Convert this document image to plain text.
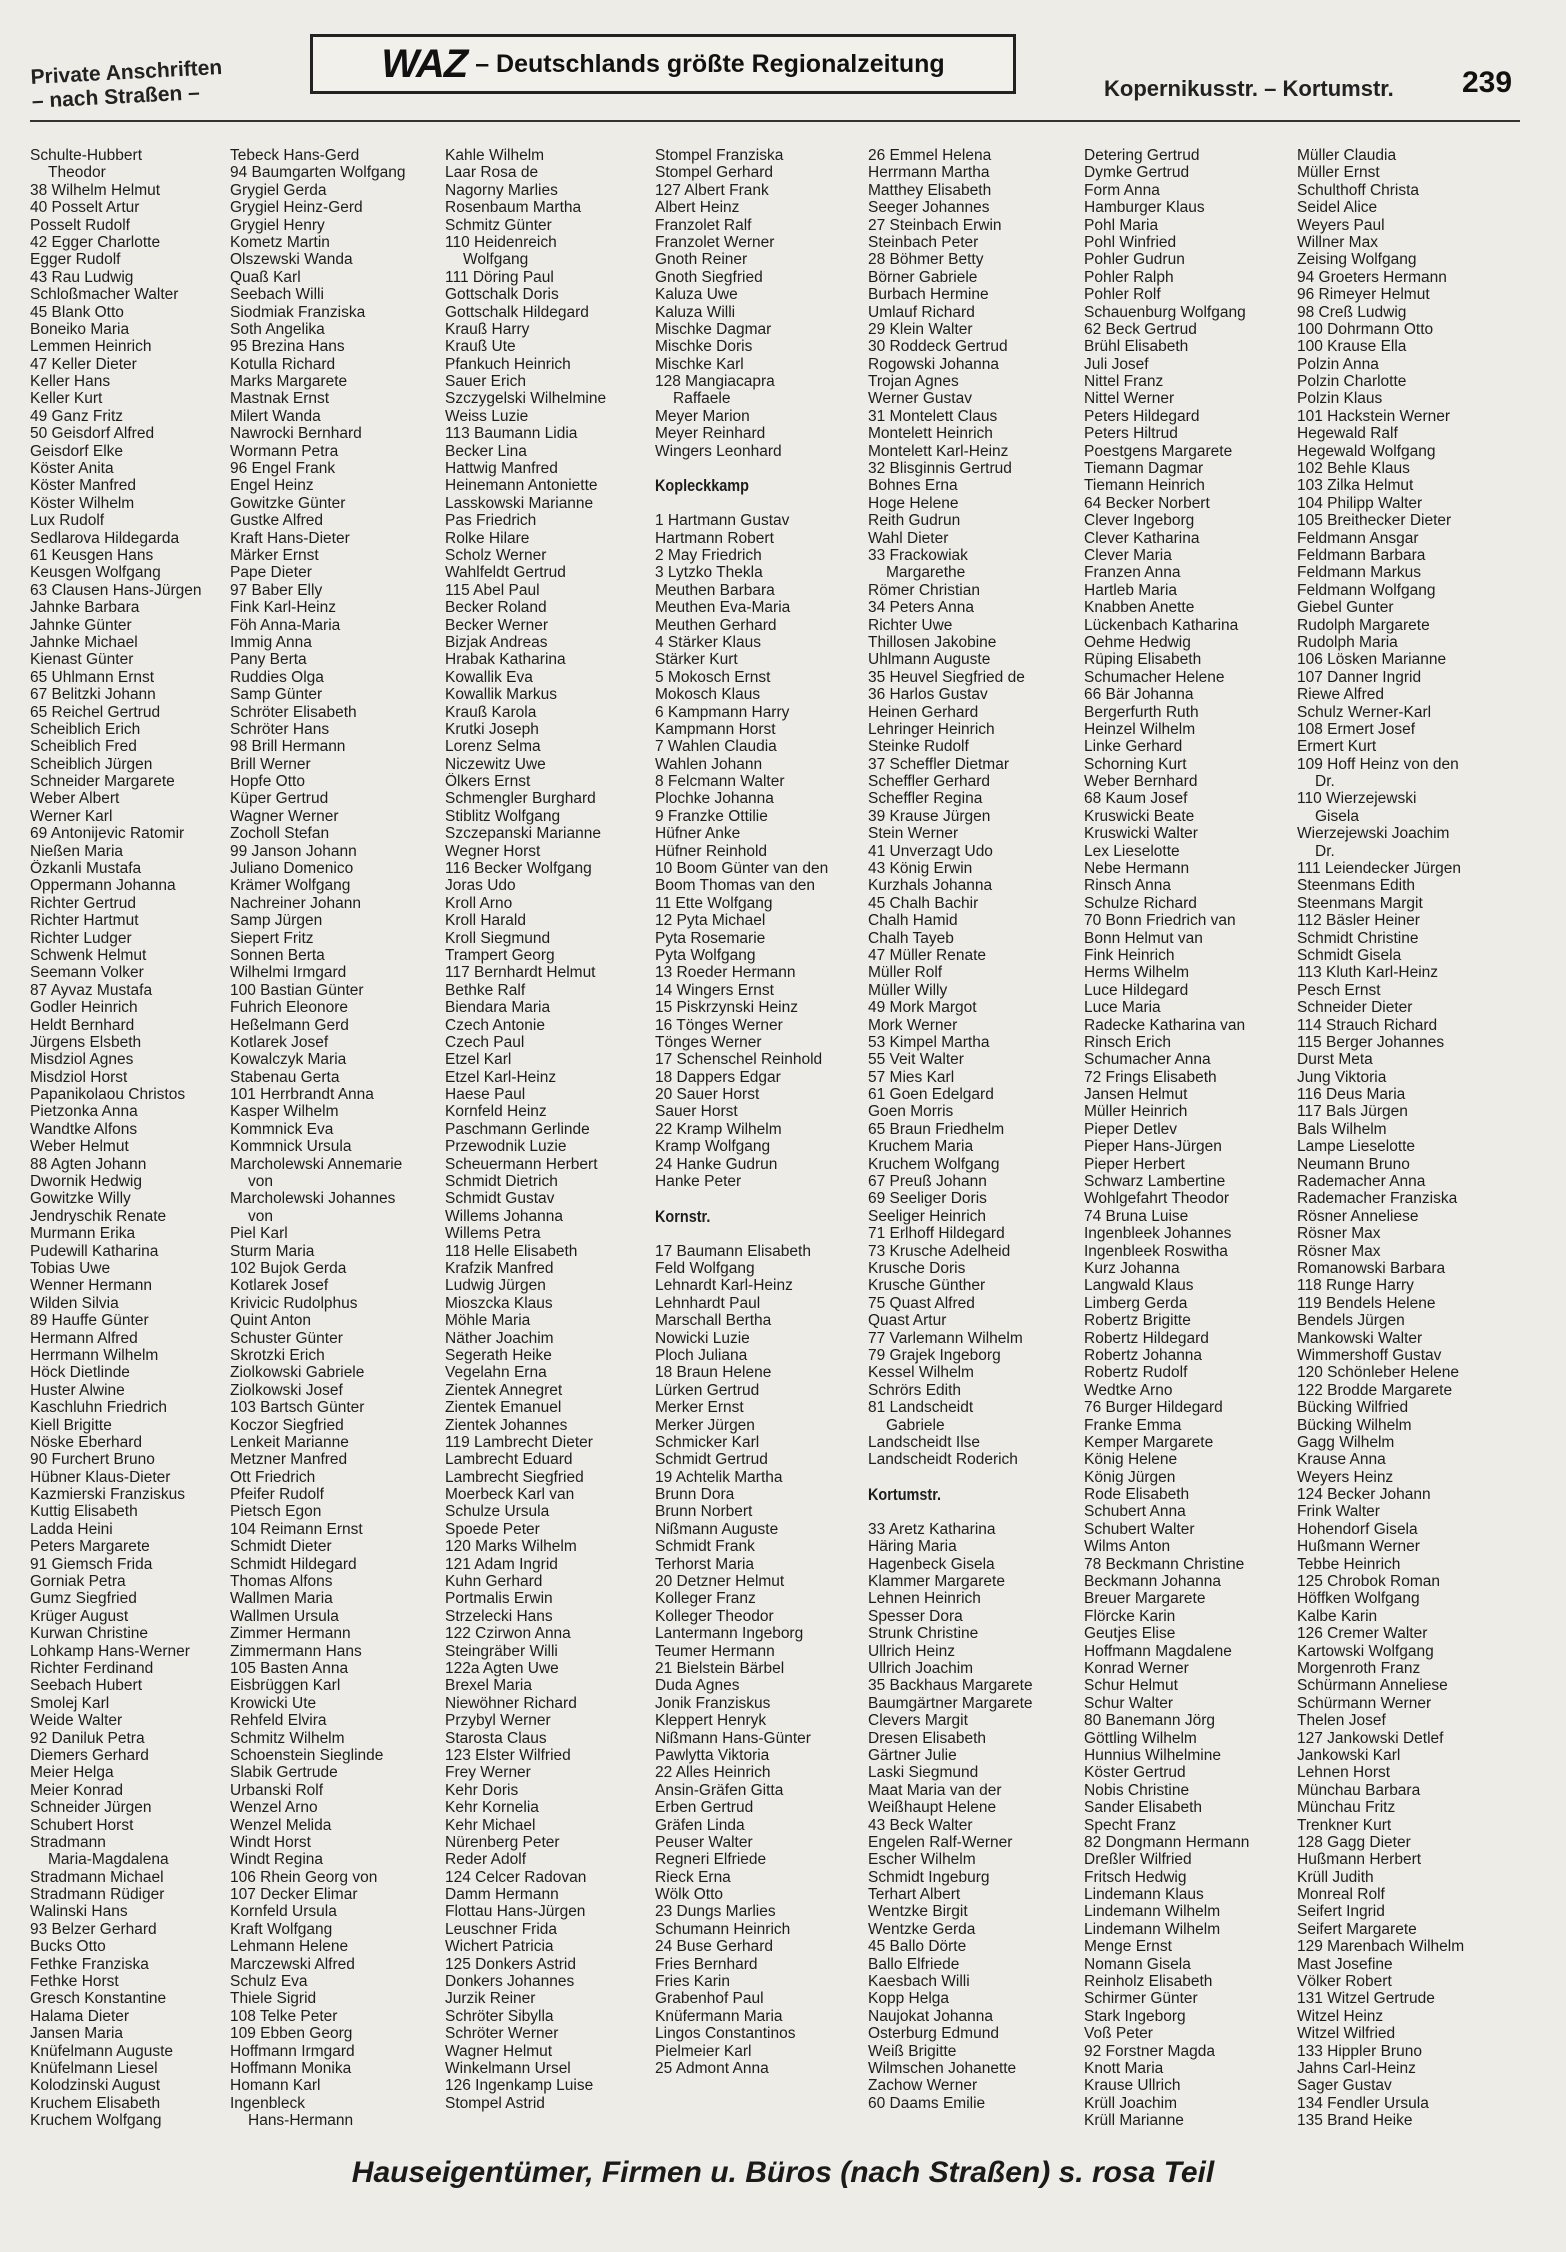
Private Anschriften
– nach Straßen –
WAZ – Deutschlands größte Regionalzeitung
Kopernikusstr. – Kortumstr. 239
Schulte-Hubbert
Theodor
38 Wilhelm Helmut
40 Posselt Artur
Posselt Rudolf
42 Egger Charlotte
Egger Rudolf
43 Rau Ludwig
Schloßmacher Walter
45 Blank Otto
Boneiko Maria
Lemmen Heinrich
47 Keller Dieter
Keller Hans
Keller Kurt
49 Ganz Fritz
50 Geisdorf Alfred
Geisdorf Elke
Köster Anita
Köster Manfred
Köster Wilhelm
Lux Rudolf
Sedlarova Hildegarda
61 Keusgen Hans
Keusgen Wolfgang
63 Clausen Hans-Jürgen
Jahnke Barbara
Jahnke Günter
Jahnke Michael
Kienast Günter
65 Uhlmann Ernst
67 Belitzki Johann
65 Reichel Gertrud
Scheiblich Erich
Scheiblich Fred
Scheiblich Jürgen
Schneider Margarete
Weber Albert
Werner Karl
69 Antonijevic Ratomir
Nießen Maria
Özkanli Mustafa
Oppermann Johanna
Richter Gertrud
Richter Hartmut
Richter Ludger
Schwenk Helmut
Seemann Volker
87 Ayvaz Mustafa
Godler Heinrich
Heldt Bernhard
Jürgens Elsbeth
Misdziol Agnes
Misdziol Horst
Papanikolaou Christos
Pietzonka Anna
Wandtke Alfons
Weber Helmut
88 Agten Johann
Dwornik Hedwig
Gowitzke Willy
Jendryschik Renate
Murmann Erika
Pudewill Katharina
Tobias Uwe
Wenner Hermann
Wilden Silvia
89 Hauffe Günter
Hermann Alfred
Herrmann Wilhelm
Höck Dietlinde
Huster Alwine
Kaschluhn Friedrich
Kiell Brigitte
Nöske Eberhard
90 Furchert Bruno
Hübner Klaus-Dieter
Kazmierski Franziskus
Kuttig Elisabeth
Ladda Heini
Peters Margarete
91 Giemsch Frida
Gorniak Petra
Gumz Siegfried
Krüger August
Kurwan Christine
Lohkamp Hans-Werner
Richter Ferdinand
Seebach Hubert
Smolej Karl
Weide Walter
92 Daniluk Petra
Diemers Gerhard
Meier Helga
Meier Konrad
Schneider Jürgen
Schubert Horst
Stradmann
Maria-Magdalena
Stradmann Michael
Stradmann Rüdiger
Walinski Hans
93 Belzer Gerhard
Bucks Otto
Fethke Franziska
Fethke Horst
Gresch Konstantine
Halama Dieter
Jansen Maria
Knüfelmann Auguste
Knüfelmann Liesel
Kolodzinski August
Kruchem Elisabeth
Kruchem Wolfgang
Tebeck Hans-Gerd
94 Baumgarten Wolfgang
Grygiel Gerda
Grygiel Heinz-Gerd
Grygiel Henry
Kometz Martin
Olszewski Wanda
Quaß Karl
Seebach Willi
Siodmiak Franziska
Soth Angelika
95 Brezina Hans
Kotulla Richard
Marks Margarete
Mastnak Ernst
Milert Wanda
Nawrocki Bernhard
Wormann Petra
96 Engel Frank
Engel Heinz
Gowitzke Günter
Gustke Alfred
Kraft Hans-Dieter
Märker Ernst
Pape Dieter
97 Baber Elly
Fink Karl-Heinz
Föh Anna-Maria
Immig Anna
Pany Berta
Ruddies Olga
Samp Günter
Schröter Elisabeth
Schröter Hans
98 Brill Hermann
Brill Werner
Hopfe Otto
Küper Gertrud
Wagner Werner
Zocholl Stefan
99 Janson Johann
Juliano Domenico
Krämer Wolfgang
Nachreiner Johann
Samp Jürgen
Siepert Fritz
Sonnen Berta
Wilhelmi Irmgard
100 Bastian Günter
Fuhrich Eleonore
Heßelmann Gerd
Kotlarek Josef
Kowalczyk Maria
Stabenau Gerta
101 Herrbrandt Anna
Kasper Wilhelm
Kommnick Eva
Kommnick Ursula
Marcholewski Annemarie
von
Marcholewski Johannes
von
Piel Karl
Sturm Maria
102 Bujok Gerda
Kotlarek Josef
Krivicic Rudolphus
Quint Anton
Schuster Günter
Skrotzki Erich
Ziolkowski Gabriele
Ziolkowski Josef
103 Bartsch Günter
Koczor Siegfried
Lenkeit Marianne
Metzner Manfred
Ott Friedrich
Pfeifer Rudolf
Pietsch Egon
104 Reimann Ernst
Schmidt Dieter
Schmidt Hildegard
Thomas Alfons
Wallmen Maria
Wallmen Ursula
Zimmer Hermann
Zimmermann Hans
105 Basten Anna
Eisbrüggen Karl
Krowicki Ute
Rehfeld Elvira
Schmitz Wilhelm
Schoenstein Sieglinde
Slabik Gertrude
Urbanski Rolf
Wenzel Arno
Wenzel Melida
Windt Horst
Windt Regina
106 Rhein Georg von
107 Decker Elimar
Kornfeld Ursula
Kraft Wolfgang
Lehmann Helene
Marczewski Alfred
Schulz Eva
Thiele Sigrid
108 Telke Peter
109 Ebben Georg
Hoffmann Irmgard
Hoffmann Monika
Homann Karl
Ingenbleck
Hans-Hermann
Kahle Wilhelm
Laar Rosa de
Nagorny Marlies
Rosenbaum Martha
Schmitz Günter
110 Heidenreich
Wolfgang
111 Döring Paul
Gottschalk Doris
Gottschalk Hildegard
Krauß Harry
Krauß Ute
Pfankuch Heinrich
Sauer Erich
Szczygelski Wilhelmine
Weiss Luzie
113 Baumann Lidia
Becker Lina
Hattwig Manfred
Heinemann Antoniette
Lasskowski Marianne
Pas Friedrich
Rolke Hilare
Scholz Werner
Wahlfeldt Gertrud
115 Abel Paul
Becker Roland
Becker Werner
Bizjak Andreas
Hrabak Katharina
Kowallik Eva
Kowallik Markus
Krauß Karola
Krutki Joseph
Lorenz Selma
Niczewitz Uwe
Ölkers Ernst
Schmengler Burghard
Stiblitz Wolfgang
Szczepanski Marianne
Wegner Horst
116 Becker Wolfgang
Joras Udo
Kroll Arno
Kroll Harald
Kroll Siegmund
Trampert Georg
117 Bernhardt Helmut
Bethke Ralf
Biendara Maria
Czech Antonie
Czech Paul
Etzel Karl
Etzel Karl-Heinz
Haese Paul
Kornfeld Heinz
Paschmann Gerlinde
Przewodnik Luzie
Scheuermann Herbert
Schmidt Dietrich
Schmidt Gustav
Willems Johanna
Willems Petra
118 Helle Elisabeth
Krafzik Manfred
Ludwig Jürgen
Mioszcka Klaus
Möhle Maria
Näther Joachim
Segerath Heike
Vegelahn Erna
Zientek Annegret
Zientek Emanuel
Zientek Johannes
119 Lambrecht Dieter
Lambrecht Eduard
Lambrecht Siegfried
Moerbeck Karl van
Schulze Ursula
Spoede Peter
120 Marks Wilhelm
121 Adam Ingrid
Kuhn Gerhard
Portmalis Erwin
Strzelecki Hans
122 Czirwon Anna
Steingräber Willi
122a Agten Uwe
Brexel Maria
Niewöhner Richard
Przybyl Werner
Starosta Claus
123 Elster Wilfried
Frey Werner
Kehr Doris
Kehr Kornelia
Kehr Michael
Nürenberg Peter
Reder Adolf
124 Celcer Radovan
Damm Hermann
Flottau Hans-Jürgen
Leuschner Frida
Wichert Patricia
125 Donkers Astrid
Donkers Johannes
Jurzik Reiner
Schröter Sibylla
Schröter Werner
Wagner Helmut
Winkelmann Ursel
126 Ingenkamp Luise
Stompel Astrid
Stompel Franziska
Stompel Gerhard
127 Albert Frank
Albert Heinz
Franzolet Ralf
Franzolet Werner
Gnoth Reiner
Gnoth Siegfried
Kaluza Uwe
Kaluza Willi
Mischke Dagmar
Mischke Doris
Mischke Karl
128 Mangiacapra
Raffaele
Meyer Marion
Meyer Reinhard
Wingers Leonhard

Kopleckkamp

1 Hartmann Gustav
Hartmann Robert
2 May Friedrich
3 Lytzko Thekla
Meuthen Barbara
Meuthen Eva-Maria
Meuthen Gerhard
4 Stärker Klaus
Stärker Kurt
5 Mokosch Ernst
Mokosch Klaus
6 Kampmann Harry
Kampmann Horst
7 Wahlen Claudia
Wahlen Johann
8 Felcmann Walter
Plochke Johanna
9 Franzke Ottilie
Hüfner Anke
Hüfner Reinhold
10 Boom Günter van den
Boom Thomas van den
11 Ette Wolfgang
12 Pyta Michael
Pyta Rosemarie
Pyta Wolfgang
13 Roeder Hermann
14 Wingers Ernst
15 Piskrzynski Heinz
16 Tönges Werner
Tönges Werner
17 Schenschel Reinhold
18 Dappers Edgar
20 Sauer Horst
Sauer Horst
22 Kramp Wilhelm
Kramp Wolfgang
24 Hanke Gudrun
Hanke Peter

Kornstr.

17 Baumann Elisabeth
Feld Wolfgang
Lehnardt Karl-Heinz
Lehnhardt Paul
Marschall Bertha
Nowicki Luzie
Ploch Juliana
18 Braun Helene
Lürken Gertrud
Merker Ernst
Merker Jürgen
Schmicker Karl
Schmidt Gertrud
19 Achtelik Martha
Brunn Dora
Brunn Norbert
Nißmann Auguste
Schmidt Frank
Terhorst Maria
20 Detzner Helmut
Kolleger Franz
Kolleger Theodor
Lantermann Ingeborg
Teumer Hermann
21 Bielstein Bärbel
Duda Agnes
Jonik Franziskus
Kleppert Henryk
Nißmann Hans-Günter
Pawlytta Viktoria
22 Alles Heinrich
Ansin-Gräfen Gitta
Erben Gertrud
Gräfen Linda
Peuser Walter
Regneri Elfriede
Rieck Erna
Wölk Otto
23 Dungs Marlies
Schumann Heinrich
24 Buse Gerhard
Fries Bernhard
Fries Karin
Grabenhof Paul
Knüfermann Maria
Lingos Constantinos
Pielmeier Karl
25 Admont Anna
26 Emmel Helena
Herrmann Martha
Matthey Elisabeth
Seeger Johannes
27 Steinbach Erwin
Steinbach Peter
28 Böhmer Betty
Börner Gabriele
Burbach Hermine
Umlauf Richard
29 Klein Walter
30 Roddeck Gertrud
Rogowski Johanna
Trojan Agnes
Werner Gustav
31 Montelett Claus
Montelett Heinrich
Montelett Karl-Heinz
32 Blisginnis Gertrud
Bohnes Erna
Hoge Helene
Reith Gudrun
Wahl Dieter
33 Frackowiak
Margarethe
Römer Christian
34 Peters Anna
Richter Uwe
Thillosen Jakobine
Uhlmann Auguste
35 Heuvel Siegfried de
36 Harlos Gustav
Heinen Gerhard
Lehringer Heinrich
Steinke Rudolf
37 Scheffler Dietmar
Scheffler Gerhard
Scheffler Regina
39 Krause Jürgen
Stein Werner
41 Unverzagt Udo
43 König Erwin
Kurzhals Johanna
45 Chalh Bachir
Chalh Hamid
Chalh Tayeb
47 Müller Renate
Müller Rolf
Müller Willy
49 Mork Margot
Mork Werner
53 Kimpel Martha
55 Veit Walter
57 Mies Karl
61 Goen Edelgard
Goen Morris
65 Braun Friedhelm
Kruchem Maria
Kruchem Wolfgang
67 Preuß Johann
69 Seeliger Doris
Seeliger Heinrich
71 Erlhoff Hildegard
73 Krusche Adelheid
Krusche Doris
Krusche Günther
75 Quast Alfred
Quast Artur
77 Varlemann Wilhelm
79 Grajek Ingeborg
Kessel Wilhelm
Schrörs Edith
81 Landscheidt
Gabriele
Landscheidt Ilse
Landscheidt Roderich

Kortumstr.

33 Aretz Katharina
Häring Maria
Hagenbeck Gisela
Klammer Margarete
Lehnen Heinrich
Spesser Dora
Strunk Christine
Ullrich Heinz
Ullrich Joachim
35 Backhaus Margarete
Baumgärtner Margarete
Clevers Margit
Dresen Elisabeth
Gärtner Julie
Laski Siegmund
Maat Maria van der
Weißhaupt Helene
43 Beck Walter
Engelen Ralf-Werner
Escher Wilhelm
Schmidt Ingeburg
Terhart Albert
Wentzke Birgit
Wentzke Gerda
45 Ballo Dörte
Ballo Elfriede
Kaesbach Willi
Kopp Helga
Naujokat Johanna
Osterburg Edmund
Weiß Brigitte
Wilmschen Johanette
Zachow Werner
60 Daams Emilie
Detering Gertrud
Dymke Gertrud
Form Anna
Hamburger Klaus
Pohl Maria
Pohl Winfried
Pohler Gudrun
Pohler Ralph
Pohler Rolf
Schauenburg Wolfgang
62 Beck Gertrud
Brühl Elisabeth
Juli Josef
Nittel Franz
Nittel Werner
Peters Hildegard
Peters Hiltrud
Poestgens Margarete
Tiemann Dagmar
Tiemann Heinrich
64 Becker Norbert
Clever Ingeborg
Clever Katharina
Clever Maria
Franzen Anna
Hartleb Maria
Knabben Anette
Lückenbach Katharina
Oehme Hedwig
Rüping Elisabeth
Schumacher Helene
66 Bär Johanna
Bergerfurth Ruth
Heinzel Wilhelm
Linke Gerhard
Schorning Kurt
Weber Bernhard
68 Kaum Josef
Kruswicki Beate
Kruswicki Walter
Lex Lieselotte
Nebe Hermann
Rinsch Anna
Schulze Richard
70 Bonn Friedrich van
Bonn Helmut van
Fink Heinrich
Herms Wilhelm
Luce Hildegard
Luce Maria
Radecke Katharina van
Rinsch Erich
Schumacher Anna
72 Frings Elisabeth
Jansen Helmut
Müller Heinrich
Pieper Detlev
Pieper Hans-Jürgen
Pieper Herbert
Schwarz Lambertine
Wohlgefahrt Theodor
74 Bruna Luise
Ingenbleek Johannes
Ingenbleek Roswitha
Kurz Johanna
Langwald Klaus
Limberg Gerda
Robertz Brigitte
Robertz Hildegard
Robertz Johanna
Robertz Rudolf
Wedtke Arno
76 Burger Hildegard
Franke Emma
Kemper Margarete
König Helene
König Jürgen
Rode Elisabeth
Schubert Anna
Schubert Walter
Wilms Anton
78 Beckmann Christine
Beckmann Johanna
Breuer Margarete
Flörcke Karin
Geutjes Elise
Hoffmann Magdalene
Konrad Werner
Schur Helmut
Schur Walter
80 Banemann Jörg
Göttling Wilhelm
Hunnius Wilhelmine
Köster Gertrud
Nobis Christine
Sander Elisabeth
Specht Franz
82 Dongmann Hermann
Dreßler Wilfried
Fritsch Hedwig
Lindemann Klaus
Lindemann Wilhelm
Lindemann Wilhelm
Menge Ernst
Nomann Gisela
Reinholz Elisabeth
Schirmer Günter
Stark Ingeborg
Voß Peter
92 Forstner Magda
Knott Maria
Krause Ullrich
Krüll Joachim
Krüll Marianne
Müller Claudia
Müller Ernst
Schulthoff Christa
Seidel Alice
Weyers Paul
Willner Max
Zeising Wolfgang
94 Groeters Hermann
96 Rimeyer Helmut
98 Creß Ludwig
100 Dohrmann Otto
100 Krause Ella
Polzin Anna
Polzin Charlotte
Polzin Klaus
101 Hackstein Werner
Hegewald Ralf
Hegewald Wolfgang
102 Behle Klaus
103 Zilka Helmut
104 Philipp Walter
105 Breithecker Dieter
Feldmann Ansgar
Feldmann Barbara
Feldmann Markus
Feldmann Wolfgang
Giebel Gunter
Rudolph Margarete
Rudolph Maria
106 Lösken Marianne
107 Danner Ingrid
Riewe Alfred
Schulz Werner-Karl
108 Ermert Josef
Ermert Kurt
109 Hoff Heinz von den
Dr.
110 Wierzejewski
Gisela
Wierzejewski Joachim
Dr.
111 Leiendecker Jürgen
Steenmans Edith
Steenmans Margit
112 Bäsler Heiner
Schmidt Christine
Schmidt Gisela
113 Kluth Karl-Heinz
Pesch Ernst
Schneider Dieter
114 Strauch Richard
115 Berger Johannes
Durst Meta
Jung Viktoria
116 Deus Maria
117 Bals Jürgen
Bals Wilhelm
Lampe Lieselotte
Neumann Bruno
Rademacher Anna
Rademacher Franziska
Rösner Anneliese
Rösner Max
Rösner Max
Romanowski Barbara
118 Runge Harry
119 Bendels Helene
Bendels Jürgen
Mankowski Walter
Wimmershoff Gustav
120 Schönleber Helene
122 Brodde Margarete
Bücking Wilfried
Bücking Wilhelm
Gagg Wilhelm
Krause Anna
Weyers Heinz
124 Becker Johann
Frink Walter
Hohendorf Gisela
Hußmann Werner
Tebbe Heinrich
125 Chrobok Roman
Höffken Wolfgang
Kalbe Karin
126 Cremer Walter
Kartowski Wolfgang
Morgenroth Franz
Schürmann Anneliese
Schürmann Werner
Thelen Josef
127 Jankowski Detlef
Jankowski Karl
Lehnen Horst
Münchau Barbara
Münchau Fritz
Trenkner Kurt
128 Gagg Dieter
Hußmann Herbert
Krüll Judith
Monreal Rolf
Seifert Ingrid
Seifert Margarete
129 Marenbach Wilhelm
Mast Josefine
Völker Robert
131 Witzel Gertrude
Witzel Heinz
Witzel Wilfried
133 Hippler Bruno
Jahns Carl-Heinz
Sager Gustav
134 Fendler Ursula
135 Brand Heike
Hauseigentümer, Firmen u. Büros (nach Straßen) s. rosa Teil
